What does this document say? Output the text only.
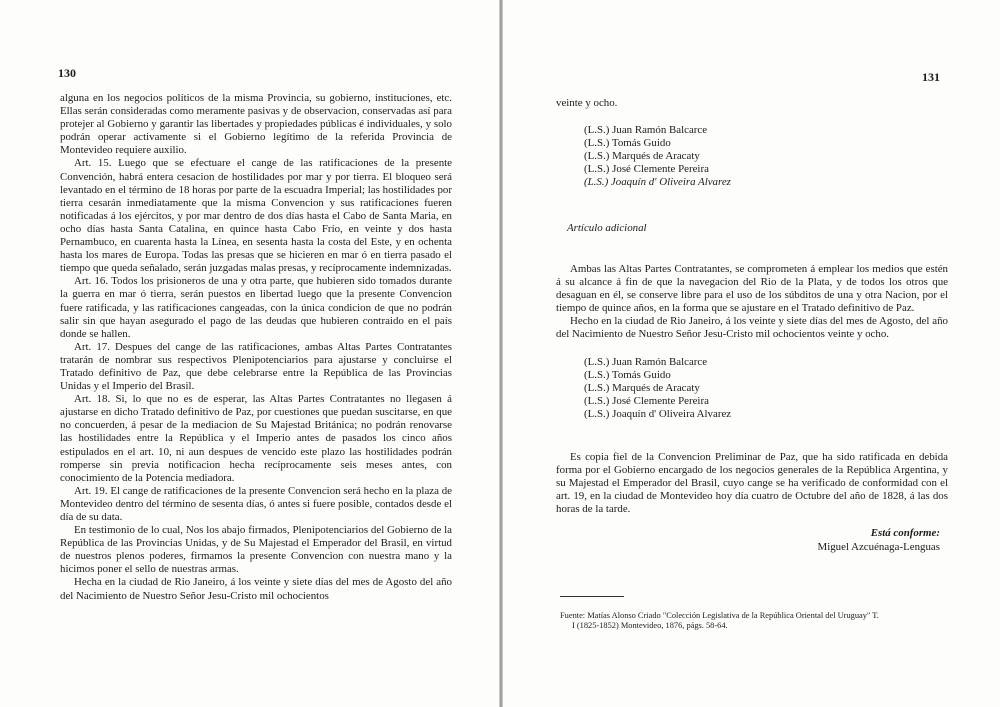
130

alguna en los negocios políticos de la misma Provincia, su gobierno, instituciones, etc. Ellas serán consideradas como meramente pasivas y de observacion, conservadas así para protejer al Gobierno y garantir las libertades y propiedades públicas é individuales, y solo podrán operar activamente si el Gobierno legítimo de la referida Provincia de Montevideo requiere auxilio.

Art. 15. Luego que se efectuare el cange de las ratificaciones de la presente Convención, habrá entera cesacion de hostilidades por mar y por tierra. El bloqueo será levantado en el término de 18 horas por parte de la escuadra Imperial; las hostilidades por tierra cesarán inmediatamente que la misma Convencion y sus ratificaciones fueren notificadas á los ejércitos, y por mar dentro de dos días hasta el Cabo de Santa Maria, en ocho días hasta Santa Catalina, en quince hasta Cabo Frío, en veinte y dos hasta Pernambuco, en cuarenta hasta la Línea, en sesenta hasta la costa del Este, y en ochenta hasta los mares de Europa. Todas las presas que se hicieren en mar ó en tierra pasado el tiempo que queda señalado, serán juzgadas malas presas, y recíprocamente indemnizadas.

Art. 16. Todos los prisioneros de una y otra parte, que hubieren sido tomados durante la guerra en mar ó tierra, serán puestos en libertad luego que la presente Convencion fuere ratificada, y las ratificaciones cangeadas, con la única condicion de que no podrán salir sin que hayan asegurado el pago de las deudas que hubieren contraido en el país donde se hallen.

Art. 17. Despues del cange de las ratificaciones, ambas Altas Partes Contratantes tratarán de nombrar sus respectivos Plenipotenciarios para ajustarse y concluirse el Tratado definitivo de Paz, que debe celebrarse entre la República de las Provincias Unidas y el Imperio del Brasil.

Art. 18. Si, lo que no es de esperar, las Altas Partes Contratantes no llegasen á ajustarse en dicho Tratado definitivo de Paz, por cuestiones que puedan suscitarse, en que no concuerden, á pesar de la mediacion de Su Majestad Británica; no podrán renovarse las hostilidades entre la República y el Imperio antes de pasados los cinco años estipulados en el art. 10, ni aun despues de vencido este plazo las hostilidades podrán romperse sin previa notificacion hecha recíprocamente seis meses antes, con conocimiento de la Potencia mediadora.

Art. 19. El cange de ratificaciones de la presente Convencion será hecho en la plaza de Montevideo dentro del término de sesenta días, ó antes si fuere posible, contados desde el día de su data.

En testimonio de lo cual, Nos los abajo firmados, Plenipotenciarios del Gobierno de la República de las Provincias Unidas, y de Su Majestad el Emperador del Brasil, en virtud de nuestros plenos poderes, firmamos la presente Convencion con nuestra mano y la hicimos poner el sello de nuestras armas.

Hecha en la ciudad de Rio Janeiro, á los veinte y siete días del mes de Agosto del año del Nacimiento de Nuestro Señor Jesu-Cristo mil ochocientos

131

veinte y ocho.

(L.S.) Juan Ramón Balcarce

(L.S.) Tomás Guido

(L.S.) Marqués de Aracaty

(L.S.) José Clemente Pereira

(L.S.) Joaquín d' Oliveira Alvarez

Artículo adicional

Ambas las Altas Partes Contratantes, se comprometen á emplear los medios que estén á su alcance á fin de que la navegacion del Rio de la Plata, y de todos los otros que desaguan en él, se conserve libre para el uso de los súbditos de una y otra Nacion, por el tiempo de quince años, en la forma que se ajustare en el Tratado definitivo de Paz.

Hecho en la ciudad de Rio Janeiro, á los veinte y siete días del mes de Agosto, del año del Nacimiento de Nuestro Señor Jesu-Cristo mil ochocientos veinte y ocho.

(L.S.) Juan Ramón Balcarce

(L.S.) Tomás Guido

(L.S.) Marqués de Aracaty

(L.S.) José Clemente Pereira

(L.S.) Joaquín d' Oliveira Alvarez

Es copia fiel de la Convencion Preliminar de Paz, que ha sido ratificada en debida forma por el Gobierno encargado de los negocios generales de la República Argentina, y su Majestad el Emperador del Brasil, cuyo cange se ha verificado de conformidad con el art. 19, en la ciudad de Montevideo hoy día cuatro de Octubre del año de 1828, á las dos horas de la tarde.

Está conforme:
Miguel Azcuénaga-Lenguas
Fuente: Matías Alonso Criado "Colección Legislativa de la República Oriental del Uruguay" T.
I (1825-1852) Montevideo, 1876, págs. 58-64.
